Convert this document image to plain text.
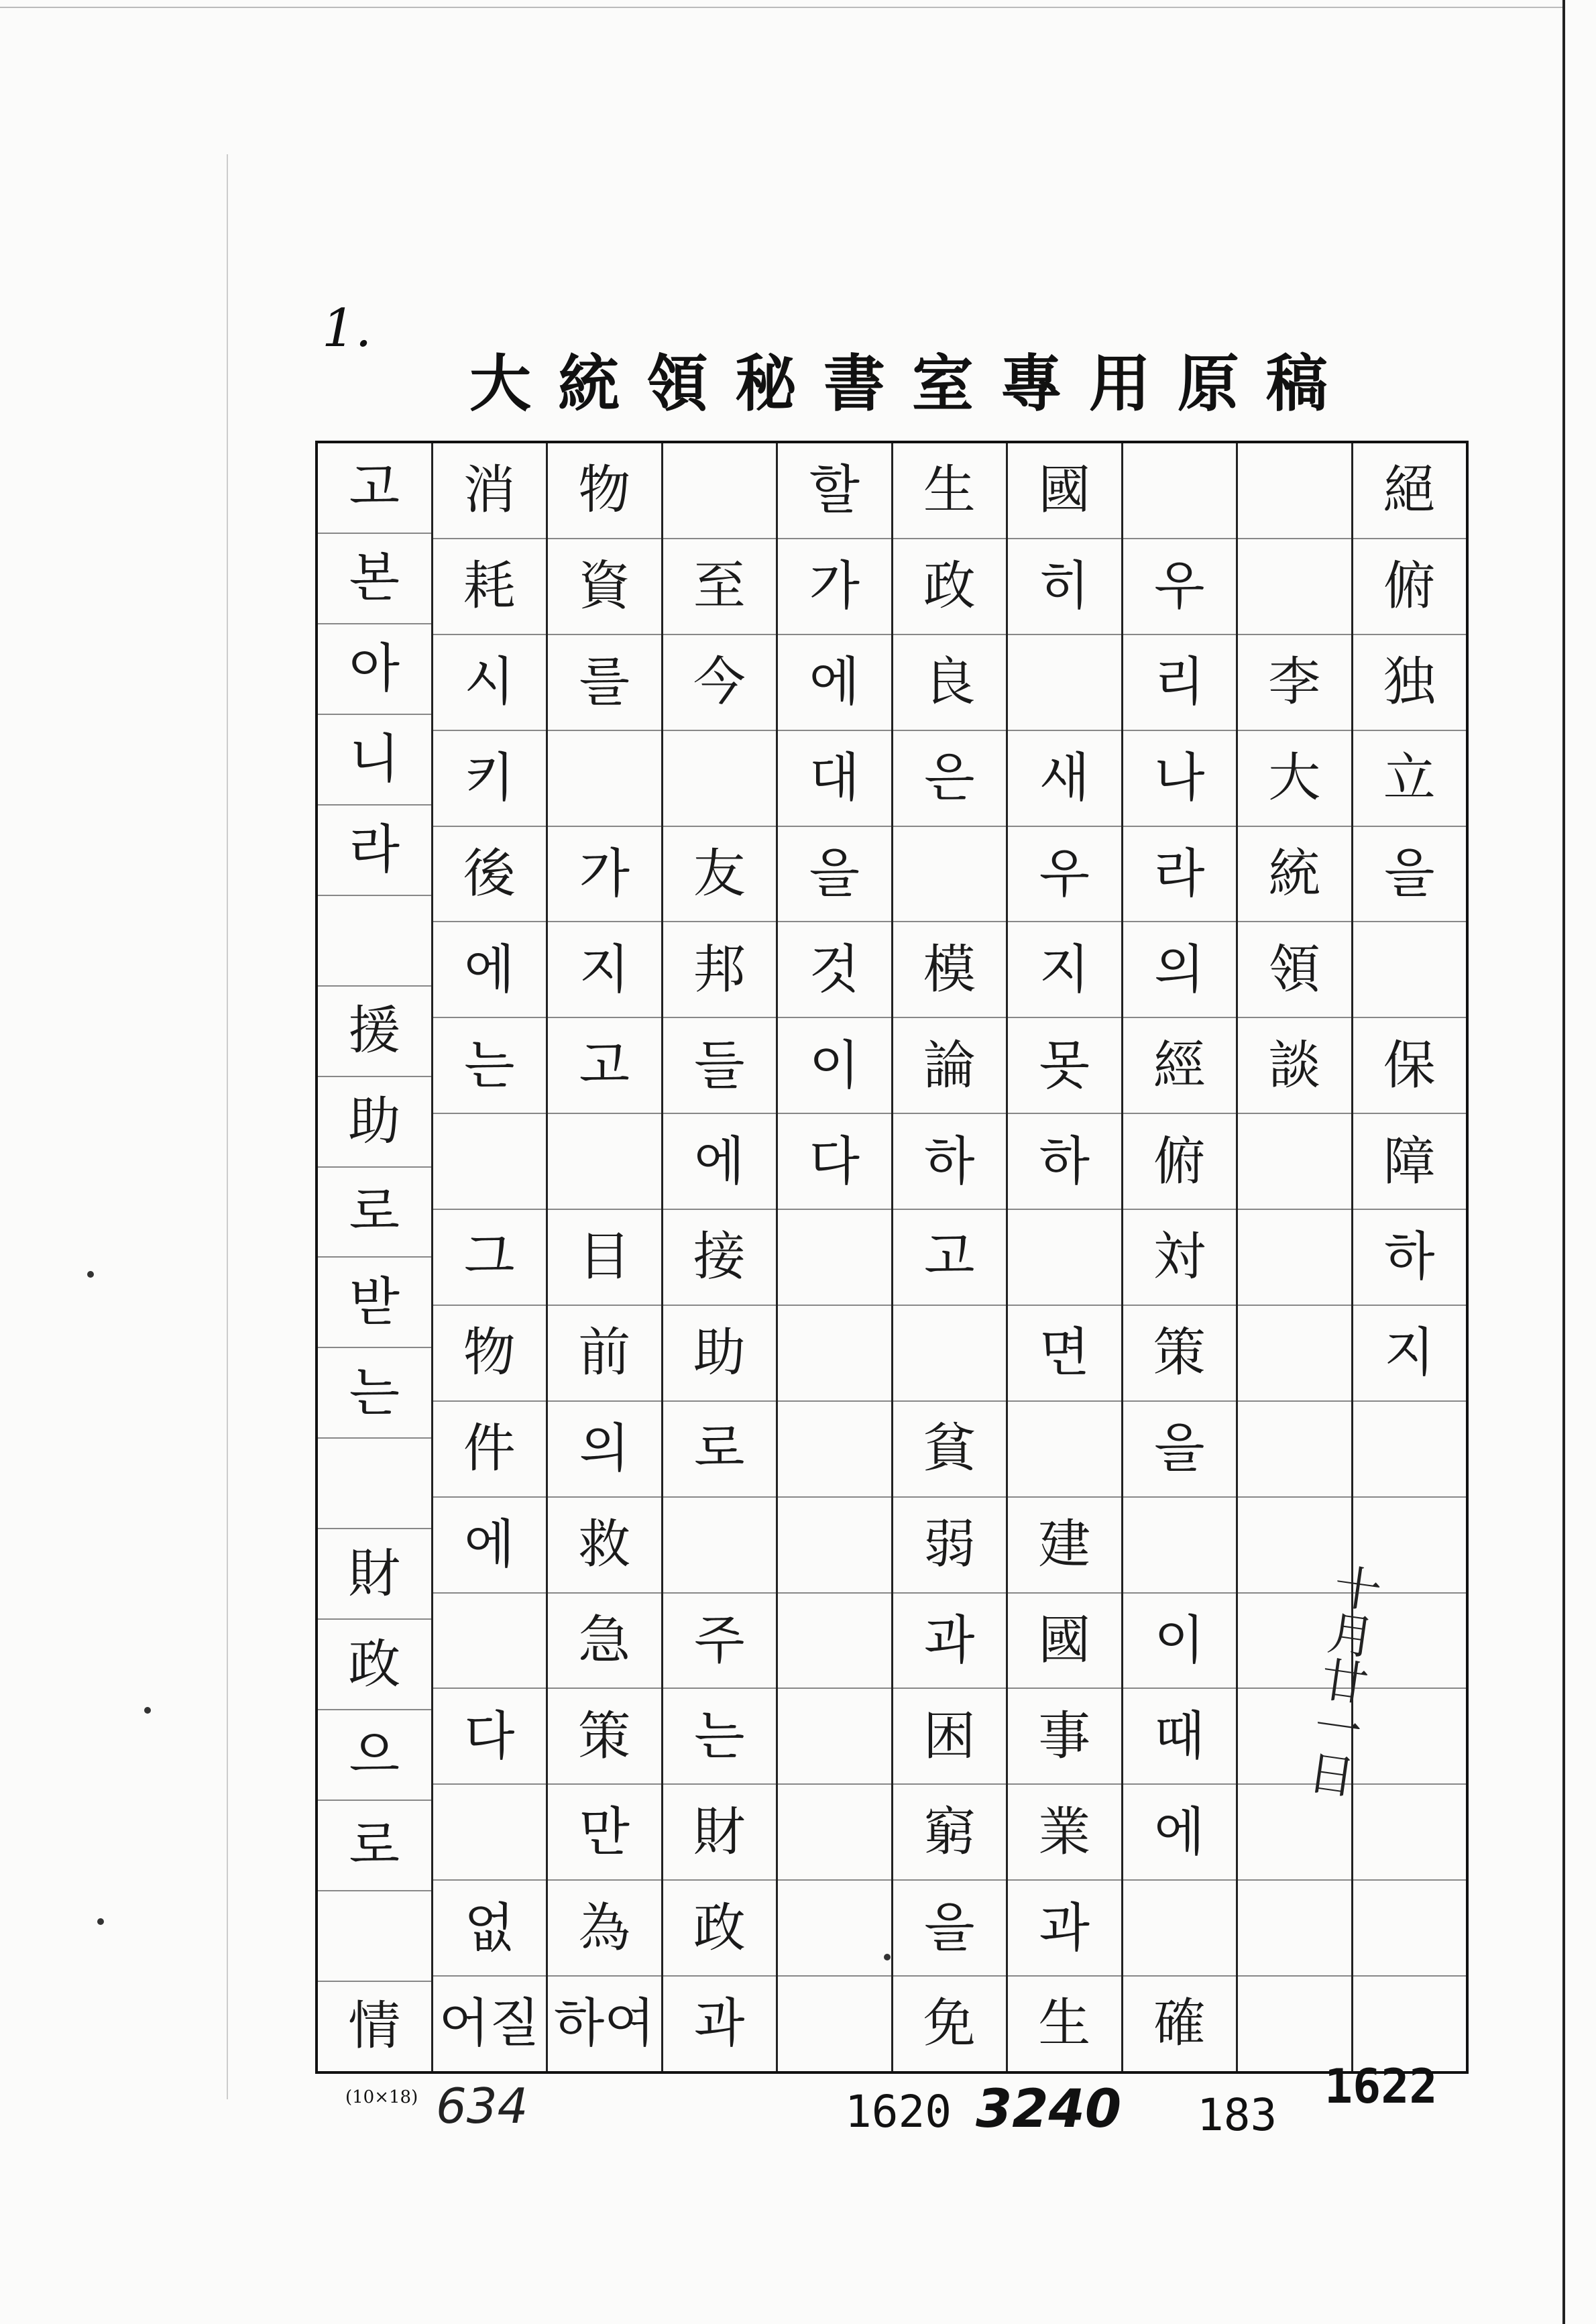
1.
大 統 領 秘 書 室 專 用 原 稿
絕
俯
独
立
을
保
障
하
지
李
大
統
領
談
우
리
나
라
의
經
俯
対
策
을
이
때
에
確
國
히
새
우
지
못
하
면
建
國
事
業
과
生
生
政
良
은
模
論
하
고
貧
弱
과
困
窮
을
免
할
가
에
대
을
것
이
다
至
今
友
邦
들
에
接
助
로
주
는
財
政
과
物
資
를
가
지
고
目
前
의
救
急
策
만
為
하여
消
耗
시
키
後
에
는
그
物
件
에
다
없
어질
고
본
아
니
라
援
助
로
받
는
財
政
으
로
情
十月廿一日
(10×18) 634	1620 3240 183
1622
